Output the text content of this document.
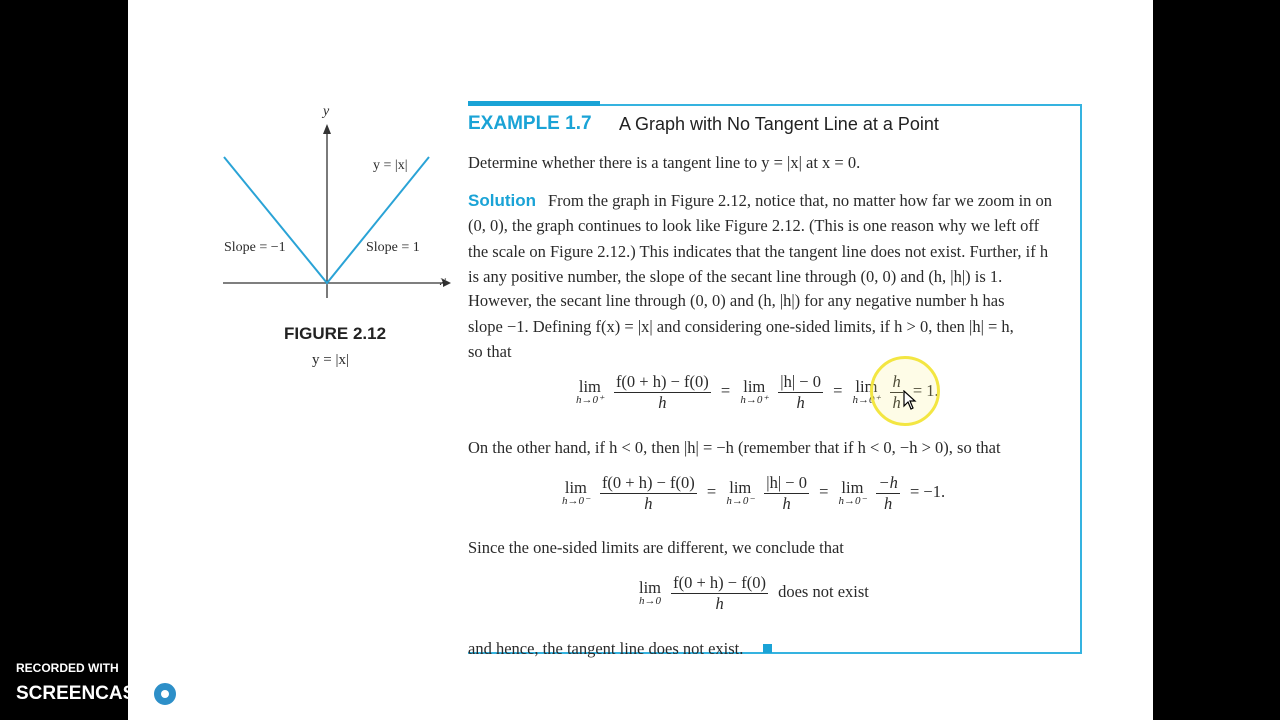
y
x
y = |x|
Slope = −1	Slope = 1
FIGURE 2.12
y = |x|
EXAMPLE 1.7 A Graph with No Tangent Line at a Point
Determine whether there is a tangent line to y = |x| at x = 0.
Solution From the graph in Figure 2.12, notice that, no matter how far we zoom in on
(0, 0), the graph continues to look like Figure 2.12. (This is one reason why we left off
the scale on Figure 2.12.) This indicates that the tangent line does not exist. Further, if h
is any positive number, the slope of the secant line through (0, 0) and (h, |h|) is 1.
However, the secant line through (0, 0) and (h, |h|) for any negative number h has
slope −1. Defining f(x) = |x| and considering one-sided limits, if h > 0, then |h| = h,
so that
lim
h→0⁺
$\frac{f(0 + h) - f(0)}{h} = \lim$
h→0⁺
$\frac{|h| - 0}{h} = \lim$
h→0⁺
$\frac{h}{h} = 1$.
On the other hand, if h < 0, then |h| = −h (remember that if h < 0, −h > 0), so that
lim
h→0⁻
$\frac{f(0 + h) - f(0)}{h} = \lim$
h→0⁻
$\frac{|h| - 0}{h} = \lim$
h→0⁻
$\frac{-h}{h} = -1$.
Since the one-sided limits are different, we conclude that
lim
h→0
$\frac{f(0 + h) - f(0)}{h}$ does not exist
and hence, the tangent line does not exist.
RECORDED WITH
SCREENCAST MATIC
